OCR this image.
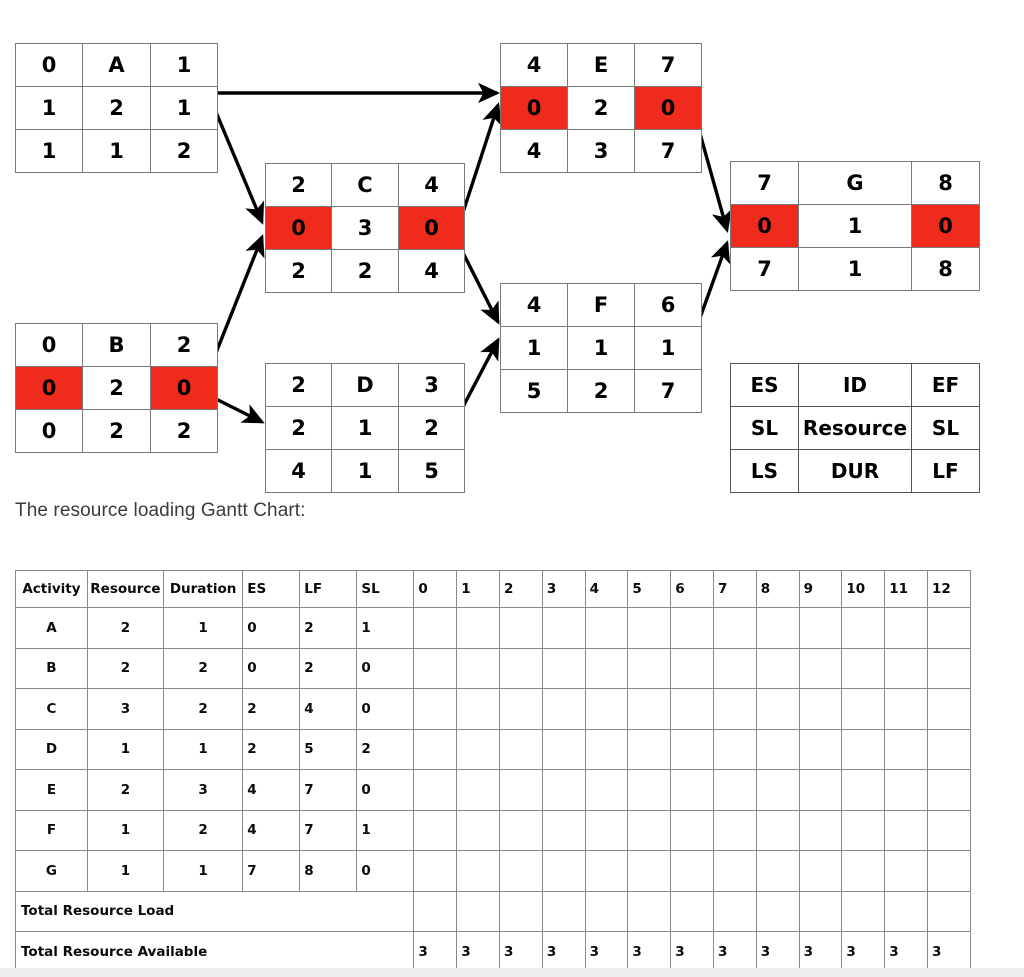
0	A	1
1	2	1
1	1	2
0	B	2
0	2	0
0	2	2
2	C	4
0	3	0
2	2	4
2	D	3
2	1	2
4	1	5
4	E	7
0	2	0
4	3	7
4	F	6
1	1	1
5	2	7
7	G	8
0	1	0
7	1	8
ES	ID	EF
SL	Resource	SL
LS	DUR	LF
The resource loading Gantt Chart:
Activity	Resource	Duration	ES	LF	SL	0	1	2	3	4	5	6	7	8	9	10	11	12
A	2	1	0	2	1													
B	2	2	0	2	0													
C	3	2	2	4	0													
D	1	1	2	5	2													
E	2	3	4	7	0													
F	1	2	4	7	1													
G	1	1	7	8	0													
Total Resource Load																		
Total Resource Available						3	3	3	3	3	3	3	3	3	3	3	3	3
